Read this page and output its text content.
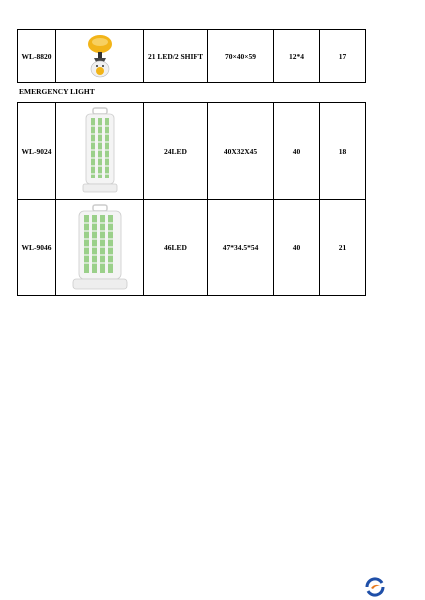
WL-8820		21 LED/2 SHIFT	70×40×59	12*4	17
EMERGENCY LIGHT
WL-9024		24LED	40X32X45	40	18
WL-9046		46LED	47*34.5*54	40	21
